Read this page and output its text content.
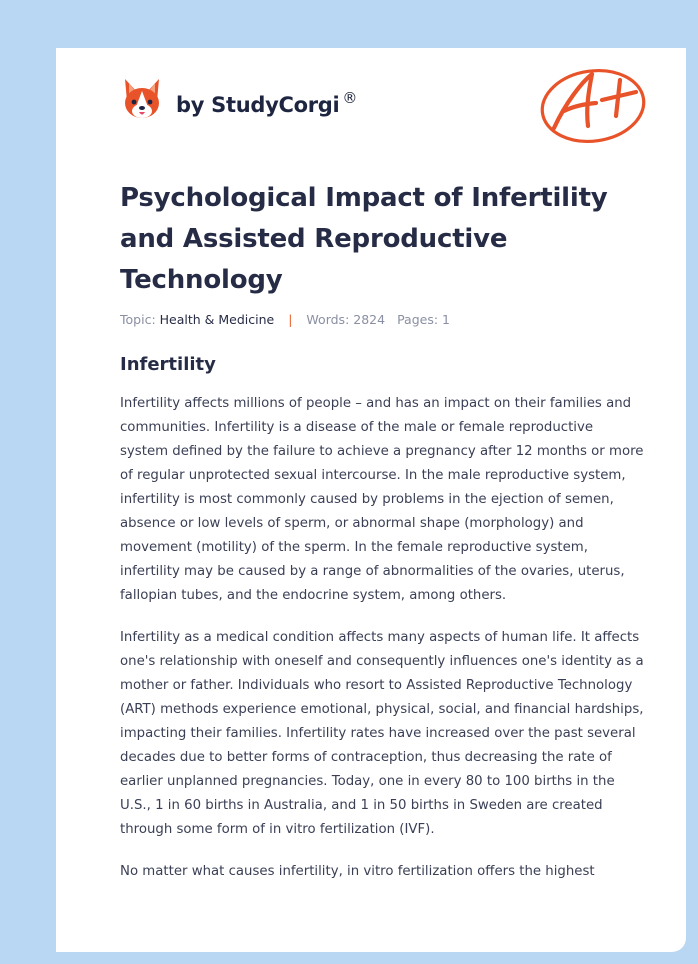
by StudyCorgi ®
Psychological Impact of Infertility and Assisted Reproductive Technology
Topic: Health & Medicine | Words: 2824 Pages: 1
Infertility

Infertility affects millions of people – and has an impact on their families and communities. Infertility is a disease of the male or female reproductive system defined by the failure to achieve a pregnancy after 12 months or more of regular unprotected sexual intercourse. In the male reproductive system, infertility is most commonly caused by problems in the ejection of semen, absence or low levels of sperm, or abnormal shape (morphology) and movement (motility) of the sperm. In the female reproductive system, infertility may be caused by a range of abnormalities of the ovaries, uterus, fallopian tubes, and the endocrine system, among others.

Infertility as a medical condition affects many aspects of human life. It affects one's relationship with oneself and consequently influences one's identity as a mother or father. Individuals who resort to Assisted Reproductive Technology (ART) methods experience emotional, physical, social, and financial hardships, impacting their families. Infertility rates have increased over the past several decades due to better forms of contraception, thus decreasing the rate of earlier unplanned pregnancies. Today, one in every 80 to 100 births in the U.S., 1 in 60 births in Australia, and 1 in 50 births in Sweden are created through some form of in vitro fertilization (IVF).

No matter what causes infertility, in vitro fertilization offers the highest
